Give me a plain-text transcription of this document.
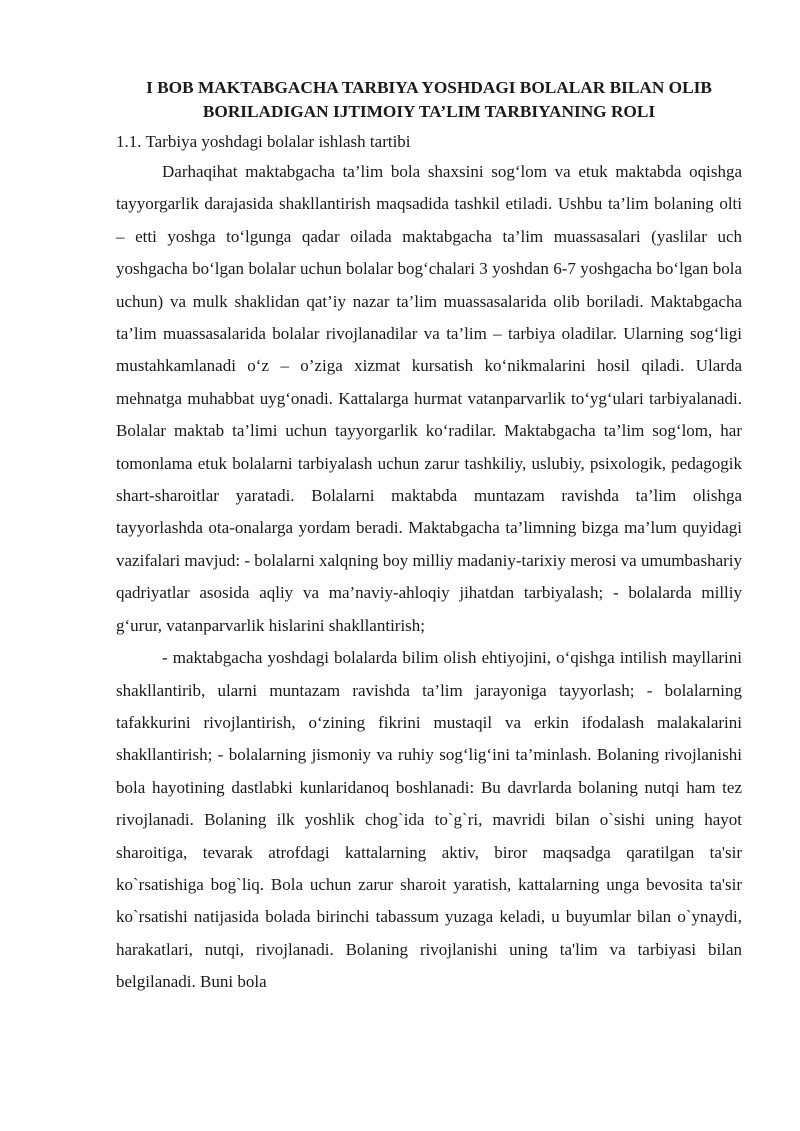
I BOB MAKTABGACHA TARBIYA YOSHDAGI BOLALAR BILAN OLIB
BORILADIGAN IJTIMOIY TA’LIM TARBIYANING ROLI

1.1. Tarbiya yoshdagi bolalar ishlash tartibi

Darhaqihat maktabgacha ta’lim bola shaxsini sog‘lom va etuk maktabda oqishga tayyorgarlik darajasida shakllantirish maqsadida tashkil etiladi. Ushbu ta’lim bolaning olti – etti yoshga to‘lgunga qadar oilada maktabgacha ta’lim muassasalari (yaslilar uch yoshgacha bo‘lgan bolalar uchun bolalar bog‘chalari 3 yoshdan 6-7 yoshgacha bo‘lgan bola uchun) va mulk shaklidan qat’iy nazar ta’lim muassasalarida olib boriladi. Maktabgacha ta’lim muassasalarida bolalar rivojlanadilar va ta’lim – tarbiya oladilar. Ularning sog‘ligi mustahkamlanadi o‘z – o’ziga xizmat kursatish ko‘nikmalarini hosil qiladi. Ularda mehnatga muhabbat uyg‘onadi. Kattalarga hurmat vatanparvarlik to‘yg‘ulari tarbiyalanadi. Bolalar maktab ta’limi uchun tayyorgarlik ko‘radilar. Maktabgacha ta’lim sog‘lom, har tomonlama etuk bolalarni tarbiyalash uchun zarur tashkiliy, uslubiy, psixologik, pedagogik shart-sharoitlar yaratadi. Bolalarni maktabda muntazam ravishda ta’lim olishga tayyorlashda ota-onalarga yordam beradi. Maktabgacha ta’limning bizga ma’lum quyidagi vazifalari mavjud: - bolalarni xalqning boy milliy madaniy-tarixiy merosi va umumbashariy qadriyatlar asosida aqliy va ma’naviy-ahloqiy jihatdan tarbiyalash; - bolalarda milliy g‘urur, vatanparvarlik hislarini shakllantirish;

- maktabgacha yoshdagi bolalarda bilim olish ehtiyojini, o‘qishga intilish mayllarini shakllantirib, ularni muntazam ravishda ta’lim jarayoniga tayyorlash; - bolalarning tafakkurini rivojlantirish, o‘zining fikrini mustaqil va erkin ifodalash malakalarini shakllantirish; - bolalarning jismoniy va ruhiy sog‘lig‘ini ta’minlash. Bolaning rivojlanishi bola hayotining dastlabki kunlaridanoq boshlanadi: Bu davrlarda bolaning nutqi ham tez rivojlanadi. Bolaning ilk yoshlik chog`ida to`g`ri, mavridi bilan o`sishi uning hayot sharoitiga, tevarak atrofdagi kattalarning aktiv, biror maqsadga qaratilgan ta'sir ko`rsatishiga bog`liq. Bola uchun zarur sharoit yaratish, kattalarning unga bevosita ta'sir ko`rsatishi natijasida bolada birinchi tabassum yuzaga keladi, u buyumlar bilan o`ynaydi, harakatlari, nutqi, rivojlanadi. Bolaning rivojlanishi uning ta'lim va tarbiyasi bilan belgilanadi. Buni bola
